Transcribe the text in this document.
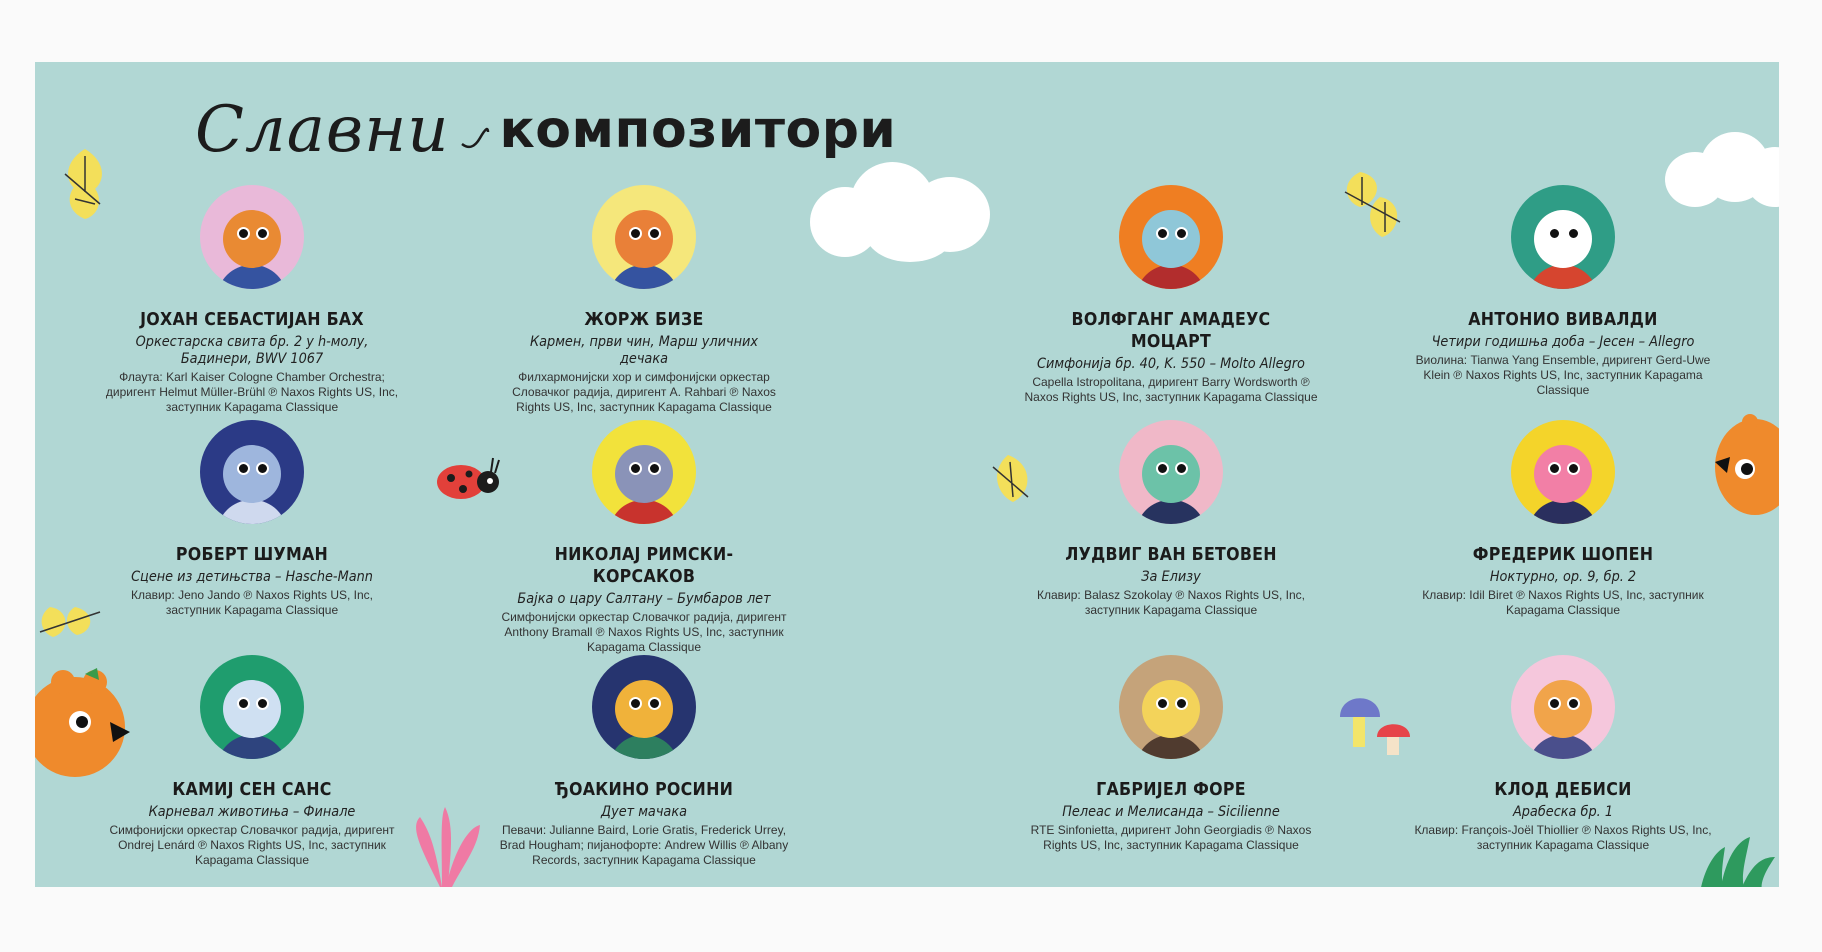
Славни композитори
ЈОХАН СЕБАСТИЈАН БАХ
Оркестарска свита бр. 2 у h-молу, Бадинери, BWV 1067
Флаута: Karl Kaiser Cologne Chamber Orchestra; диригент Helmut Müller-Brühl ℗ Naxos Rights US, Inc, заступник Kapagama Classique
ЖОРЖ БИЗЕ
Кармен, први чин, Марш уличних дечака
Филхармонијски хор и симфонијски оркестар Словачког радија, диригент A. Rahbari ℗ Naxos Rights US, Inc, заступник Kapagama Classique
ВОЛФГАНГ АМАДЕУС МОЦАРТ
Симфонија бр. 40, K. 550 – Molto Allegro
Capella Istropolitana, диригент Barry Wordsworth ℗ Naxos Rights US, Inc, заступник Kapagama Classique
АНТОНИО ВИВАЛДИ
Четири годишња доба – Јесен – Allegro
Виолина: Tianwa Yang Ensemble, диригент Gerd-Uwe Klein ℗ Naxos Rights US, Inc, заступник Kapagama Classique
РОБЕРТ ШУМАН
Сцене из детињства – Hasche-Mann
Клавир: Jeno Jando ℗ Naxos Rights US, Inc, заступник Kapagama Classique
НИКОЛАЈ РИМСКИ-КОРСАКОВ
Бајка о цару Салтану – Бумбаров лет
Симфонијски оркестар Словачког радија, диригент Anthony Bramall ℗ Naxos Rights US, Inc, заступник Kapagama Classique
ЛУДВИГ ВАН БЕТОВЕН
За Елизу
Клавир: Balasz Szokolay ℗ Naxos Rights US, Inc, заступник Kapagama Classique
ФРЕДЕРИК ШОПЕН
Ноктурно, ор. 9, бр. 2
Клавир: Idil Biret ℗ Naxos Rights US, Inc, заступник Kapagama Classique
КАМИЈ СЕН САНС
Карневал животиња – Финале
Симфонијски оркестар Словачког радија, диригент Ondrej Lenárd ℗ Naxos Rights US, Inc, заступник Kapagama Classique
ЂОАКИНО РОСИНИ
Дует мачака
Певачи: Julianne Baird, Lorie Gratis, Frederick Urrey, Brad Hougham; пијанофорте: Andrew Willis ℗ Albany Records, заступник Kapagama Classique
ГАБРИЈЕЛ ФОРЕ
Пелеас и Мелисанда – Sicilienne
RTE Sinfonietta, диригент John Georgiadis ℗ Naxos Rights US, Inc, заступник Kapagama Classique
КЛОД ДЕБИСИ
Арабеска бр. 1
Клавир: François-Joël Thiollier ℗ Naxos Rights US, Inc, заступник Kapagama Classique
